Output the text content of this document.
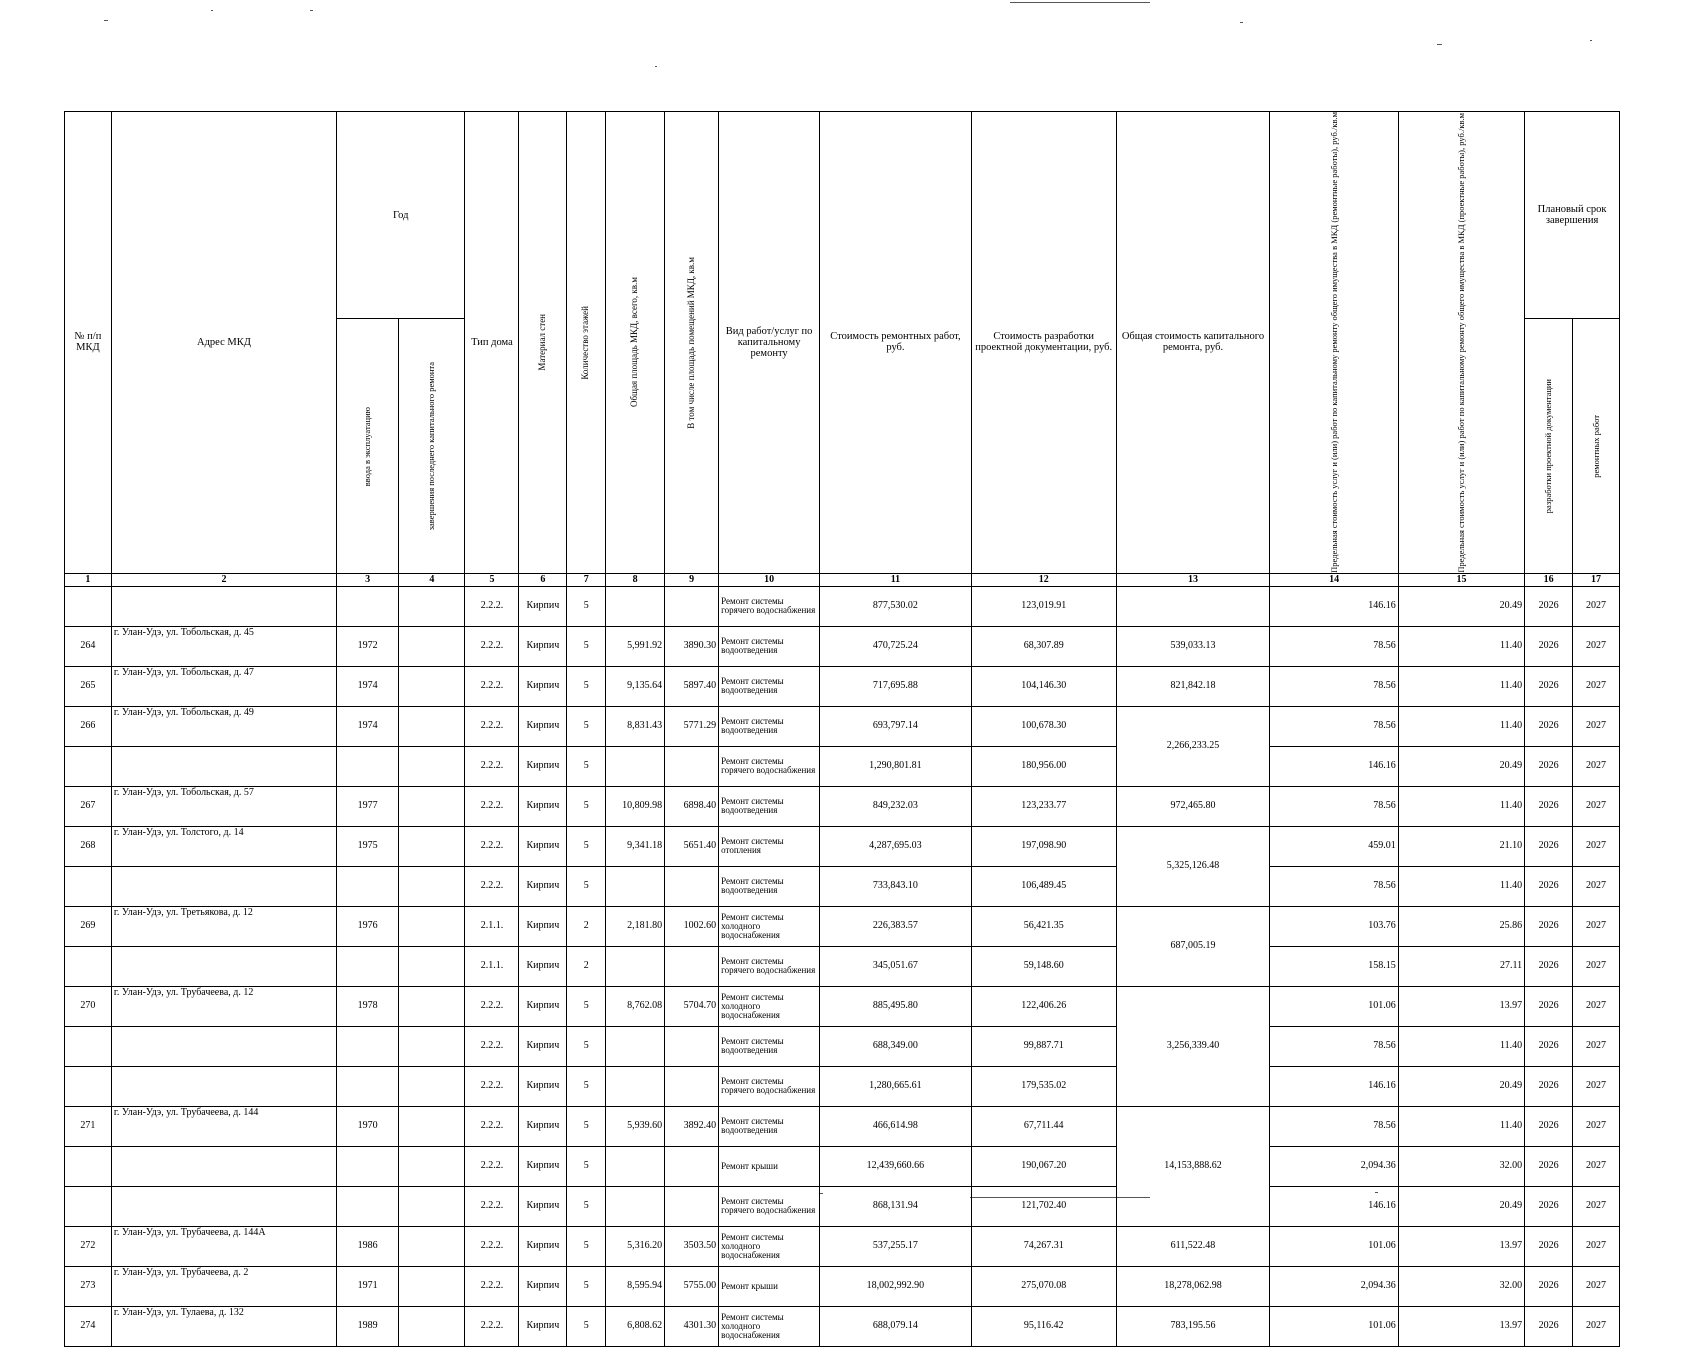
№ п/п МКД	Адрес МКД	Год		Тип дома	Материал стен	Количество этажей	Общая площадь МКД, всего, кв.м	В том числе площадь помещений МКД, кв.м	Вид работ/услуг по капитальному ремонту	Стоимость ремонтных работ, руб.	Стоимость разработки проектной документации, руб.	Общая стоимость капитального ремонта, руб.	Предельная стоимость услуг и (или) работ по капитальному ремонту общего имущества в МКД (ремонтные работы), руб./кв.м	Предельная стоимость услуг и (или) работ по капитальному ремонту общего имущества в МКД (проектные работы), руб./кв.м	Плановый срок завершения	

		ввода в эксплуатацию	завершения последнего капитального ремонта												разработки проектной документации	ремонтных работ

1	2	3	4	5	6	7	8	9	10	11	12	13	14	15	16	17
				2.2.2.	Кирпич	5			Ремонт системы горячего водоснабжения	877,530.02	123,019.91		146.16	20.49	2026	2027
264	г. Улан-Удэ, ул. Тобольская, д. 45	1972		2.2.2.	Кирпич	5	5,991.92	3890.30	Ремонт системы водоотведения	470,725.24	68,307.89	539,033.13	78.56	11.40	2026	2027
265	г. Улан-Удэ, ул. Тобольская, д. 47	1974		2.2.2.	Кирпич	5	9,135.64	5897.40	Ремонт системы водоотведения	717,695.88	104,146.30	821,842.18	78.56	11.40	2026	2027
266	г. Улан-Удэ, ул. Тобольская, д. 49	1974		2.2.2.	Кирпич	5	8,831.43	5771.29	Ремонт системы водоотведения	693,797.14	100,678.30	2,266,233.25	78.56	11.40	2026	2027
				2.2.2.	Кирпич	5			Ремонт системы горячего водоснабжения	1,290,801.81	180,956.00		146.16	20.49	2026	2027
267	г. Улан-Удэ, ул. Тобольская, д. 57	1977		2.2.2.	Кирпич	5	10,809.98	6898.40	Ремонт системы водоотведения	849,232.03	123,233.77	972,465.80	78.56	11.40	2026	2027
268	г. Улан-Удэ, ул. Толстого, д. 14	1975		2.2.2.	Кирпич	5	9,341.18	5651.40	Ремонт системы отопления	4,287,695.03	197,098.90	5,325,126.48	459.01	21.10	2026	2027
				2.2.2.	Кирпич	5			Ремонт системы водоотведения	733,843.10	106,489.45		78.56	11.40	2026	2027
269	г. Улан-Удэ, ул. Третьякова, д. 12	1976		2.1.1.	Кирпич	2	2,181.80	1002.60	Ремонт системы холодного водоснабжения	226,383.57	56,421.35	687,005.19	103.76	25.86	2026	2027
				2.1.1.	Кирпич	2			Ремонт системы горячего водоснабжения	345,051.67	59,148.60		158.15	27.11	2026	2027
270	г. Улан-Удэ, ул. Трубачеева, д. 12	1978		2.2.2.	Кирпич	5	8,762.08	5704.70	Ремонт системы холодного водоснабжения	885,495.80	122,406.26	3,256,339.40	101.06	13.97	2026	2027
				2.2.2.	Кирпич	5			Ремонт системы водоотведения	688,349.00	99,887.71		78.56	11.40	2026	2027
				2.2.2.	Кирпич	5			Ремонт системы горячего водоснабжения	1,280,665.61	179,535.02		146.16	20.49	2026	2027
271	г. Улан-Удэ, ул. Трубачеева, д. 144	1970		2.2.2.	Кирпич	5	5,939.60	3892.40	Ремонт системы водоотведения	466,614.98	67,711.44	14,153,888.62	78.56	11.40	2026	2027
				2.2.2.	Кирпич	5			Ремонт крыши	12,439,660.66	190,067.20		2,094.36	32.00	2026	2027
				2.2.2.	Кирпич	5			Ремонт системы горячего водоснабжения	868,131.94	121,702.40		146.16	20.49	2026	2027
272	г. Улан-Удэ, ул. Трубачеева, д. 144А	1986		2.2.2.	Кирпич	5	5,316.20	3503.50	Ремонт системы холодного водоснабжения	537,255.17	74,267.31	611,522.48	101.06	13.97	2026	2027
273	г. Улан-Удэ, ул. Трубачеева, д. 2	1971		2.2.2.	Кирпич	5	8,595.94	5755.00	Ремонт крыши	18,002,992.90	275,070.08	18,278,062.98	2,094.36	32.00	2026	2027
274	г. Улан-Удэ, ул. Тулаева, д. 132	1989		2.2.2.	Кирпич	5	6,808.62	4301.30	Ремонт системы холодного водоснабжения	688,079.14	95,116.42	783,195.56	101.06	13.97	2026	2027
